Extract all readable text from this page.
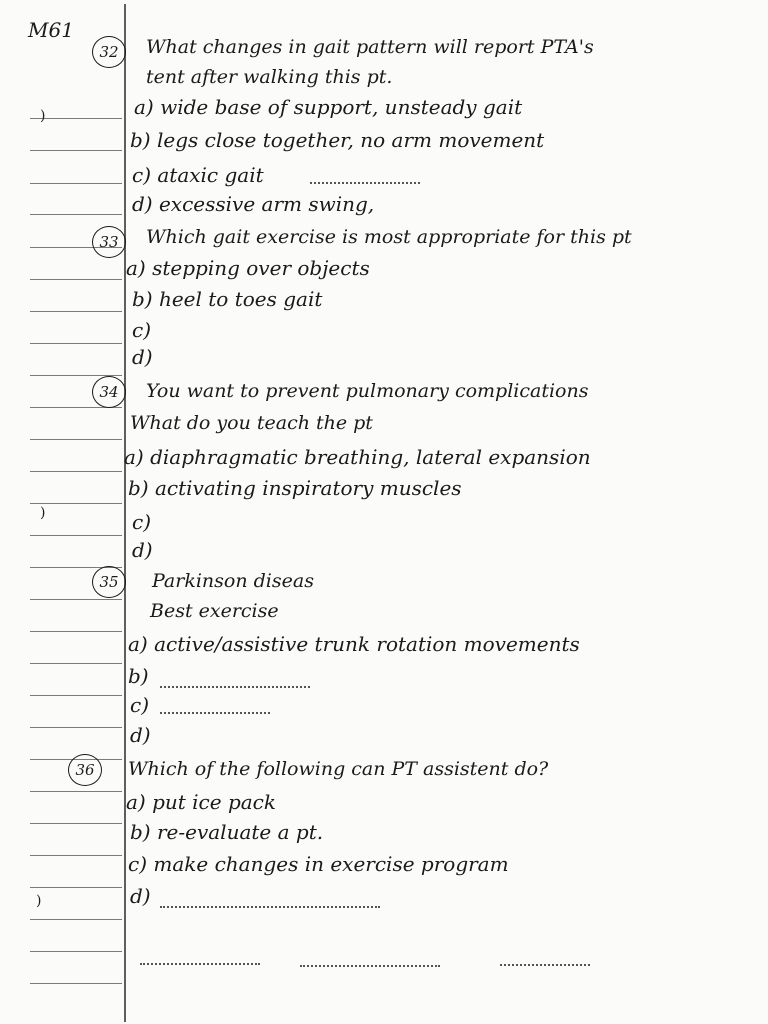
M61
)
)
)
32	What changes in gait pattern will report PTA's
tent after walking this pt.
a) wide base of support, unsteady gait
b) legs close together, no arm movement
c) ataxic gait
d) excessive arm swing,
33	Which gait exercise is most appropriate for this pt
a) stepping over objects
b) heel to toes gait
c)
d)
34	You want to prevent pulmonary complications
What do you teach the pt
a) diaphragmatic breathing, lateral expansion
b) activating inspiratory muscles
c)
d)
35	Parkinson diseas
Best exercise
a) active/assistive trunk rotation movements
b)
c)
d)
36	Which of the following can PT assistent do?
a) put ice pack
b) re-evaluate a pt.
c) make changes in exercise program
d)
